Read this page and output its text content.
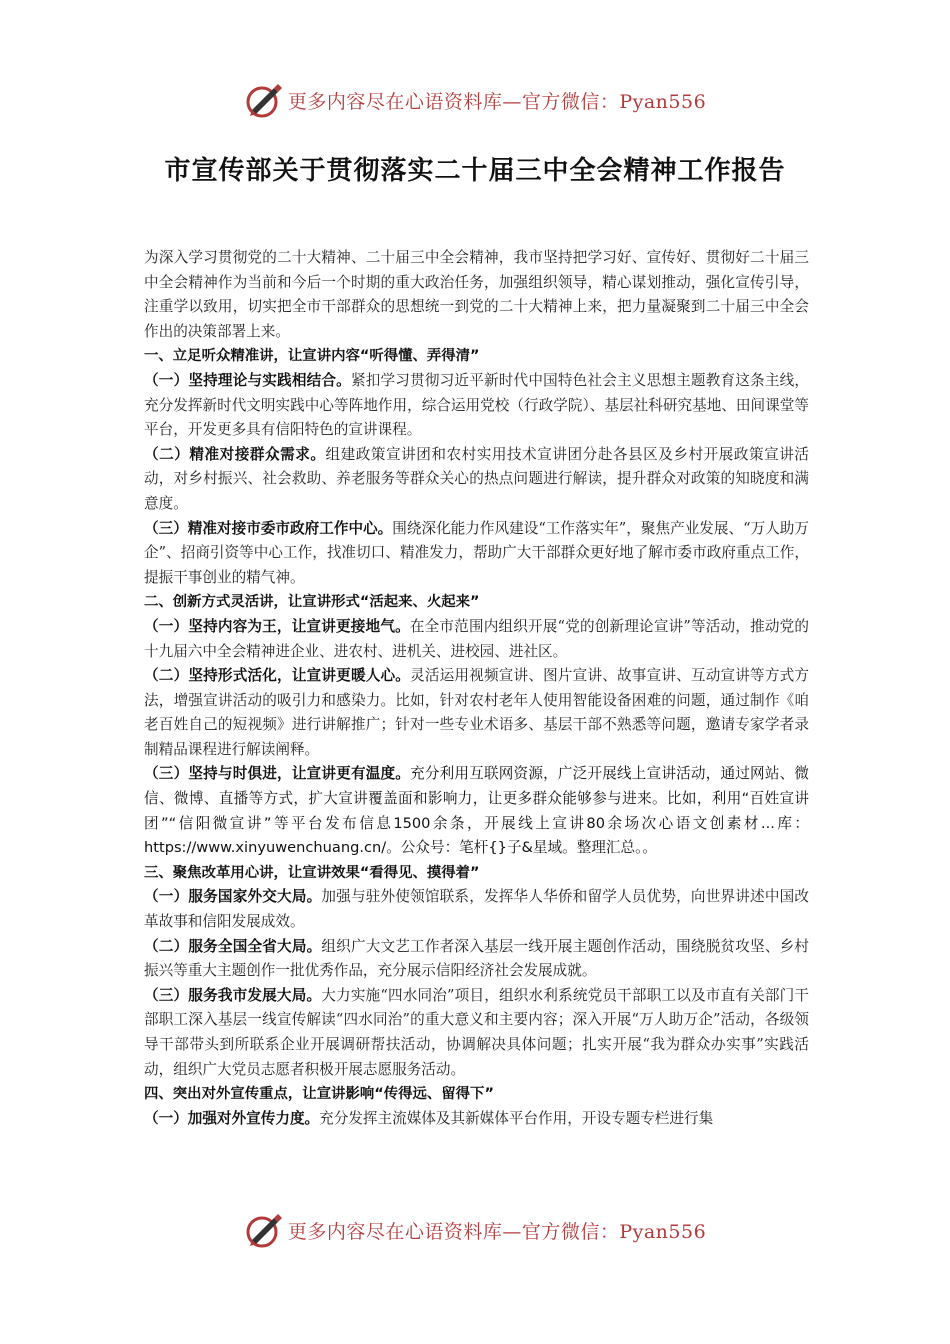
更多内容尽在心语资料库—官方微信：Pyan556
市宣传部关于贯彻落实二十届三中全会精神工作报告

为深入学习贯彻党的二十大精神、二十届三中全会精神，我市坚持把学习好、宣传好、贯彻好二十届三中全会精神作为当前和今后一个时期的重大政治任务，加强组织领导，精心谋划推动，强化宣传引导，注重学以致用，切实把全市干部群众的思想统一到党的二十大精神上来，把力量凝聚到二十届三中全会作出的决策部署上来。

一、立足听众精准讲，让宣讲内容“听得懂、弄得清”

（一）坚持理论与实践相结合。紧扣学习贯彻习近平新时代中国特色社会主义思想主题教育这条主线，充分发挥新时代文明实践中心等阵地作用，综合运用党校（行政学院）、基层社科研究基地、田间课堂等平台，开发更多具有信阳特色的宣讲课程。

（二）精准对接群众需求。组建政策宣讲团和农村实用技术宣讲团分赴各县区及乡村开展政策宣讲活动，对乡村振兴、社会救助、养老服务等群众关心的热点问题进行解读，提升群众对政策的知晓度和满意度。

（三）精准对接市委市政府工作中心。围绕深化能力作风建设“工作落实年”，聚焦产业发展、“万人助万企”、招商引资等中心工作，找准切口、精准发力，帮助广大干部群众更好地了解市委市政府重点工作，提振干事创业的精气神。

二、创新方式灵活讲，让宣讲形式“活起来、火起来”

（一）坚持内容为王，让宣讲更接地气。在全市范围内组织开展“党的创新理论宣讲”等活动，推动党的十九届六中全会精神进企业、进农村、进机关、进校园、进社区。

（二）坚持形式活化，让宣讲更暖人心。灵活运用视频宣讲、图片宣讲、故事宣讲、互动宣讲等方式方法，增强宣讲活动的吸引力和感染力。比如，针对农村老年人使用智能设备困难的问题，通过制作《咱老百姓自己的短视频》进行讲解推广；针对一些专业术语多、基层干部不熟悉等问题，邀请专家学者录制精品课程进行解读阐释。

（三）坚持与时俱进，让宣讲更有温度。充分利用互联网资源，广泛开展线上宣讲活动，通过网站、微信、微博、直播等方式，扩大宣讲覆盖面和影响力，让更多群众能够参与进来。比如，利用“百姓宣讲团”“信阳微宣讲”等平台发布信息1500余条，开展线上宣讲80余场次心语文创素材...库：https://www.xinyuwenchuang.cn/。公众号：笔杆{}子&星域。整理汇总。。

三、聚焦改革用心讲，让宣讲效果“看得见、摸得着”

（一）服务国家外交大局。加强与驻外使领馆联系，发挥华人华侨和留学人员优势，向世界讲述中国改革故事和信阳发展成效。

（二）服务全国全省大局。组织广大文艺工作者深入基层一线开展主题创作活动，围绕脱贫攻坚、乡村振兴等重大主题创作一批优秀作品，充分展示信阳经济社会发展成就。

（三）服务我市发展大局。大力实施“四水同治”项目，组织水利系统党员干部职工以及市直有关部门干部职工深入基层一线宣传解读“四水同治”的重大意义和主要内容；深入开展“万人助万企”活动，各级领导干部带头到所联系企业开展调研帮扶活动，协调解决具体问题；扎实开展“我为群众办实事”实践活动，组织广大党员志愿者积极开展志愿服务活动。

四、突出对外宣传重点，让宣讲影响“传得远、留得下”

（一）加强对外宣传力度。充分发挥主流媒体及其新媒体平台作用，开设专题专栏进行集

更多内容尽在心语资料库—官方微信：Pyan556
